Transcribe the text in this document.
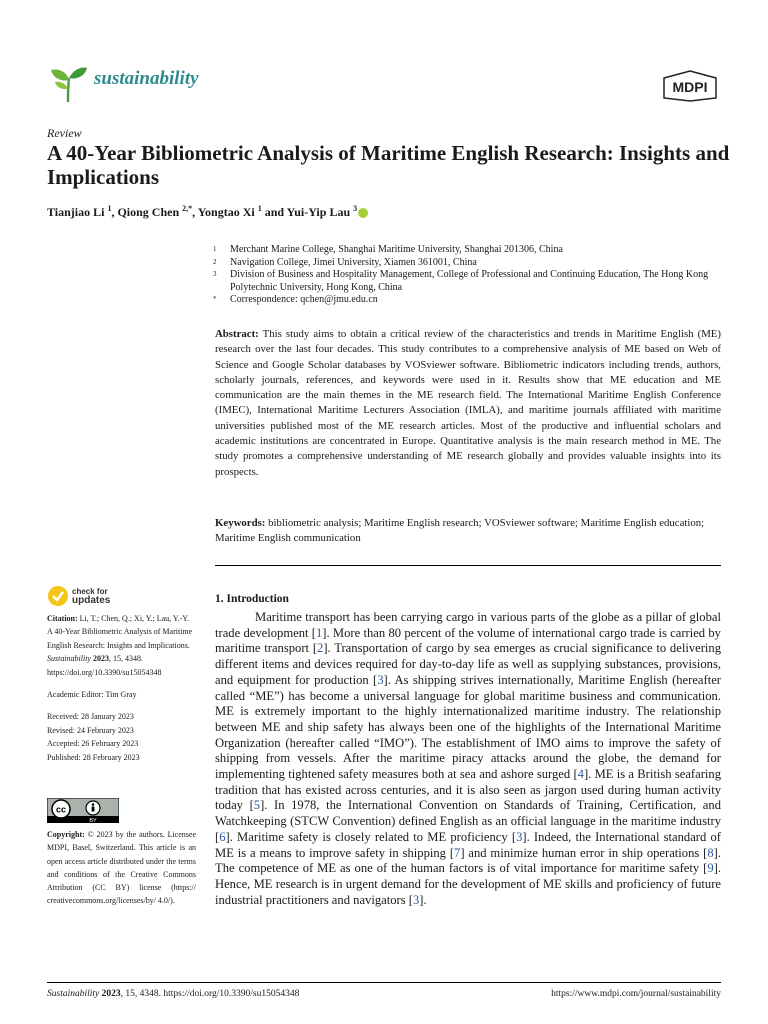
sustainability	MDPI
Review
A 40-Year Bibliometric Analysis of Maritime English Research: Insights and Implications
Tianjiao Li $^1$, Qiong Chen $^{2,*}$, Yongtao Xi $^1$ and Yui-Yip Lau $^3$
1	Merchant Marine College, Shanghai Maritime University, Shanghai 201306, China
2	Navigation College, Jimei University, Xiamen 361001, China
3	Division of Business and Hospitality Management, College of Professional and Continuing Education, The Hong Kong Polytechnic University, Hong Kong, China
*	Correspondence: qchen@jmu.edu.cn
Abstract: This study aims to obtain a critical review of the characteristics and trends in Maritime English (ME) research over the last four decades. This study contributes to a comprehensive analysis of ME based on Web of Science and Google Scholar databases by VOSviewer software. Bibliometric indicators including trends, authors, scholarly journals, references, and keywords were used in it. Results show that ME education and ME communication are the main themes in the ME research field. The International Maritime English Conference (IMEC), International Maritime Lecturers Association (IMLA), and maritime journals affiliated with maritime universities published most of the ME research articles. Most of the productive and influential scholars and academic institutions are concentrated in Europe. Quantitative analysis is the main research method in ME. The study promotes a comprehensive understanding of ME research globally and provides valuable insights into its prospects.
Keywords: bibliometric analysis; Maritime English research; VOSviewer software; Maritime English education; Maritime English communication
check for
updates

Citation: Li, T.; Chen, Q.; Xi, Y.; Lau, Y.-Y. A 40-Year Bibliometric Analysis of Maritime English Research: Insights and Implications. Sustainability 2023, 15, 4348. https://doi.org/10.3390/su15054348

Academic Editor: Tim Gray

Received: 28 January 2023

Revised: 24 February 2023

Accepted: 26 February 2023

Published: 28 February 2023

cc
BY
Copyright: © 2023 by the authors. Licensee MDPI, Basel, Switzerland. This article is an open access article distributed under the terms and conditions of the Creative Commons Attribution (CC BY) license (https:// creativecommons.org/licenses/by/ 4.0/).
1. Introduction
Maritime transport has been carrying cargo in various parts of the globe as a pillar of global trade development [1]. More than 80 percent of the volume of international cargo trade is carried by maritime transport [2]. Transportation of cargo by sea emerges as crucial significance to delivering different items and devices required for day-to-day life as well as supplying substances, provisions, and equipment for production [3]. As shipping strives internationally, Maritime English (hereafter called “ME”) has become a universal language for global maritime business and communication. ME is extremely important to the highly internationalized maritime industry. The relationship between ME and ship safety has always been one of the highlights of the International Maritime Organization (hereafter called “IMO”). The establishment of IMO aims to improve the safety of shipping from vessels. After the maritime piracy attacks around the globe, the demand for implementing tightened safety measures both at sea and ashore surged [4]. ME is a British seafaring tradition that has existed across centuries, and it is also seen as jargon used during human activity today [5]. In 1978, the International Convention on Standards of Training, Certification, and Watchkeeping (STCW Convention) defined English as an official language in the maritime industry [6]. Maritime safety is closely related to ME proficiency [3]. Indeed, the International standard of ME is a means to improve safety in shipping [7] and minimize human error in ship operations [8]. The competence of ME as one of the human factors is of vital importance for maritime safety [9]. Hence, ME research is in urgent demand for the development of ME skills and proficiency of future industrial practitioners and navigators [3].
Sustainability 2023, 15, 4348. https://doi.org/10.3390/su15054348	https://www.mdpi.com/journal/sustainability
